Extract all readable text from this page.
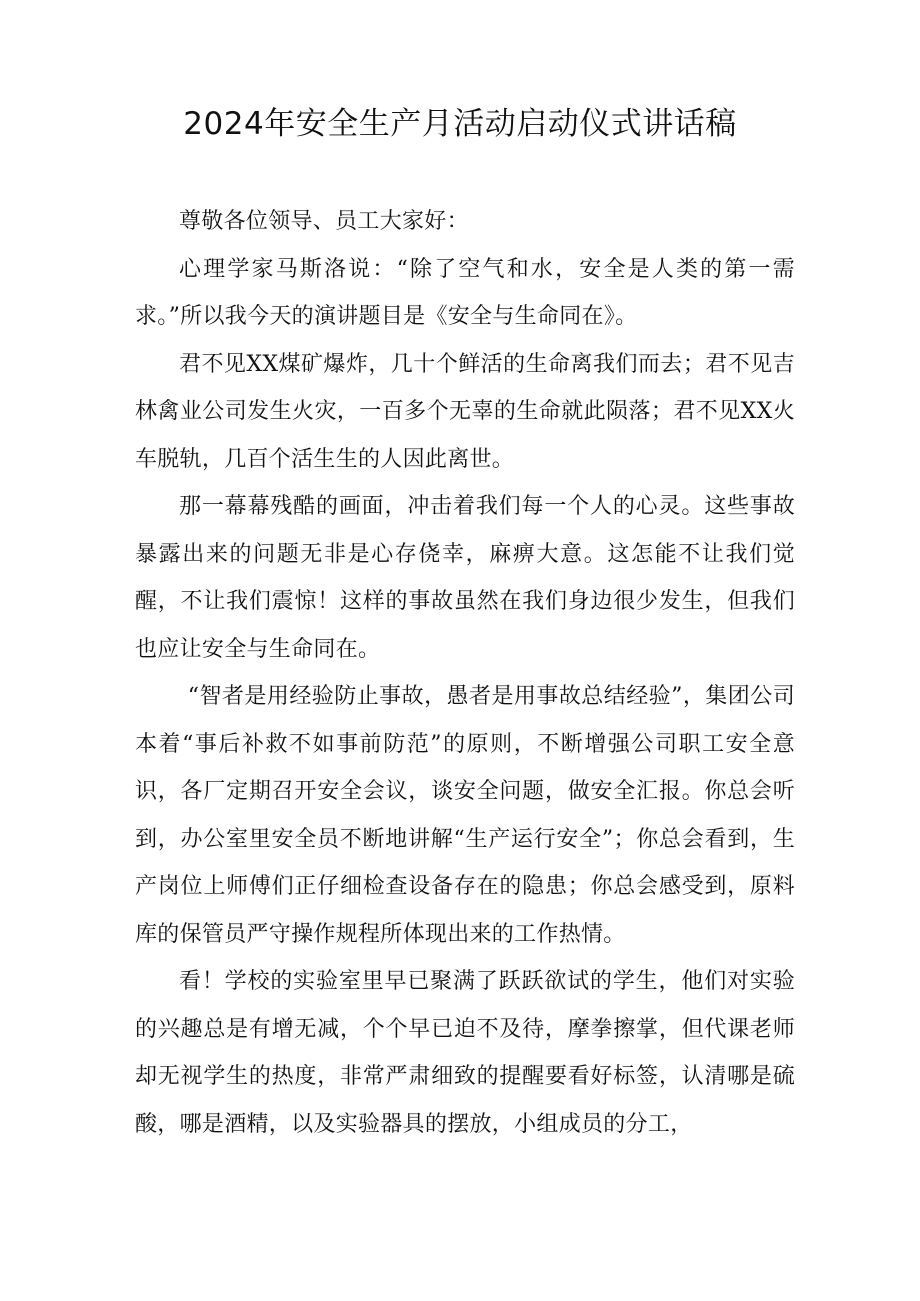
2024年安全生产月活动启动仪式讲话稿

尊敬各位领导、员工大家好：

心理学家马斯洛说：“除了空气和水，安全是人类的第一需求。”所以我今天的演讲题目是《安全与生命同在》。

君不见XX煤矿爆炸，几十个鲜活的生命离我们而去；君不见吉林禽业公司发生火灾，一百多个无辜的生命就此陨落；君不见XX火车脱轨，几百个活生生的人因此离世。

那一幕幕残酷的画面，冲击着我们每一个人的心灵。这些事故暴露出来的问题无非是心存侥幸，麻痹大意。这怎能不让我们觉醒，不让我们震惊！这样的事故虽然在我们身边很少发生，但我们也应让安全与生命同在。

“智者是用经验防止事故，愚者是用事故总结经验”，集团公司本着“事后补救不如事前防范”的原则，不断增强公司职工安全意识，各厂定期召开安全会议，谈安全问题，做安全汇报。你总会听到，办公室里安全员不断地讲解“生产运行安全”；你总会看到，生产岗位上师傅们正仔细检查设备存在的隐患；你总会感受到，原料库的保管员严守操作规程所体现出来的工作热情。

看！学校的实验室里早已聚满了跃跃欲试的学生，他们对实验的兴趣总是有增无减，个个早已迫不及待，摩拳擦掌，但代课老师却无视学生的热度，非常严肃细致的提醒要看好标签，认清哪是硫酸，哪是酒精，以及实验器具的摆放，小组成员的分工，
